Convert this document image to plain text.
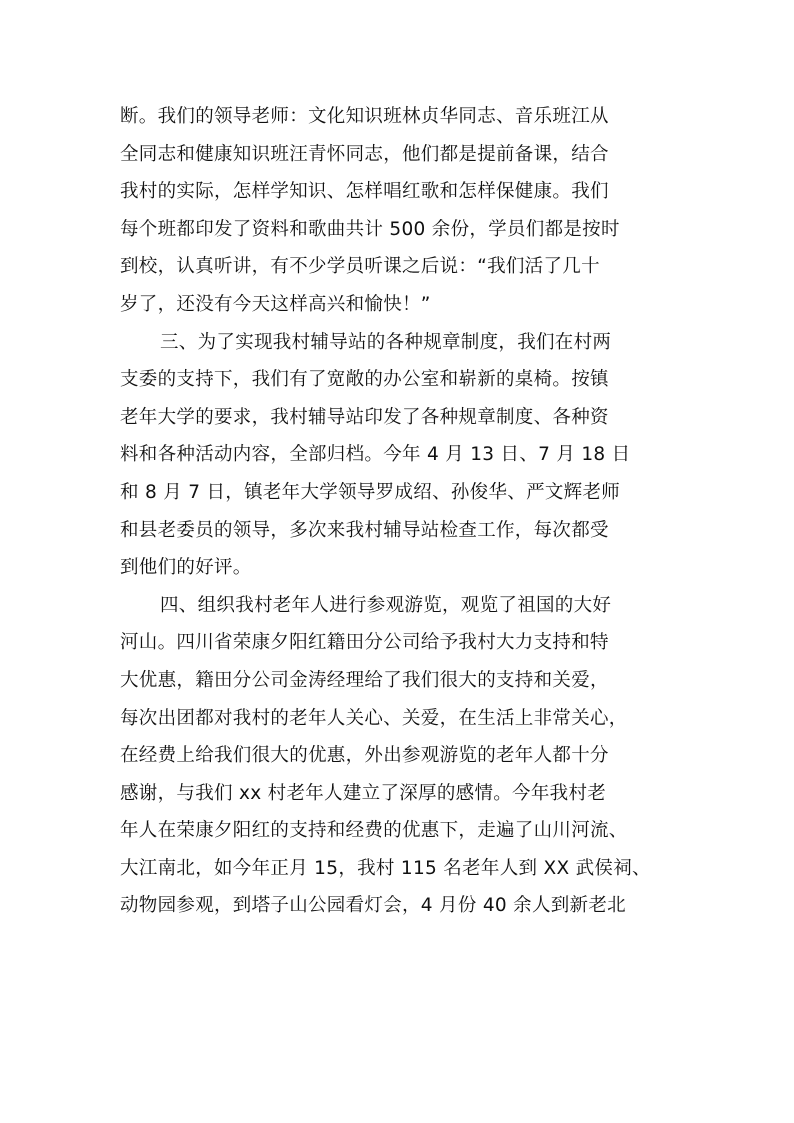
断。我们的领导老师：文化知识班林贞华同志、音乐班江从
全同志和健康知识班汪青怀同志，他们都是提前备课，结合
我村的实际，怎样学知识、怎样唱红歌和怎样保健康。我们
每个班都印发了资料和歌曲共计 500 余份，学员们都是按时
到校，认真听讲，有不少学员听课之后说：“我们活了几十
岁了，还没有今天这样高兴和愉快！”
三、为了实现我村辅导站的各种规章制度，我们在村两
支委的支持下，我们有了宽敞的办公室和崭新的桌椅。按镇
老年大学的要求，我村辅导站印发了各种规章制度、各种资
料和各种活动内容，全部归档。今年 4 月 13 日、7 月 18 日
和 8 月 7 日，镇老年大学领导罗成绍、孙俊华、严文辉老师
和县老委员的领导，多次来我村辅导站检查工作，每次都受
到他们的好评。
四、组织我村老年人进行参观游览，观览了祖国的大好
河山。四川省荣康夕阳红籍田分公司给予我村大力支持和特
大优惠，籍田分公司金涛经理给了我们很大的支持和关爱，
每次出团都对我村的老年人关心、关爱，在生活上非常关心，
在经费上给我们很大的优惠，外出参观游览的老年人都十分
感谢，与我们 xx 村老年人建立了深厚的感情。今年我村老
年人在荣康夕阳红的支持和经费的优惠下，走遍了山川河流、
大江南北，如今年正月 15，我村 115 名老年人到 XX 武侯祠、
动物园参观，到塔子山公园看灯会，4 月份 40 余人到新老北
